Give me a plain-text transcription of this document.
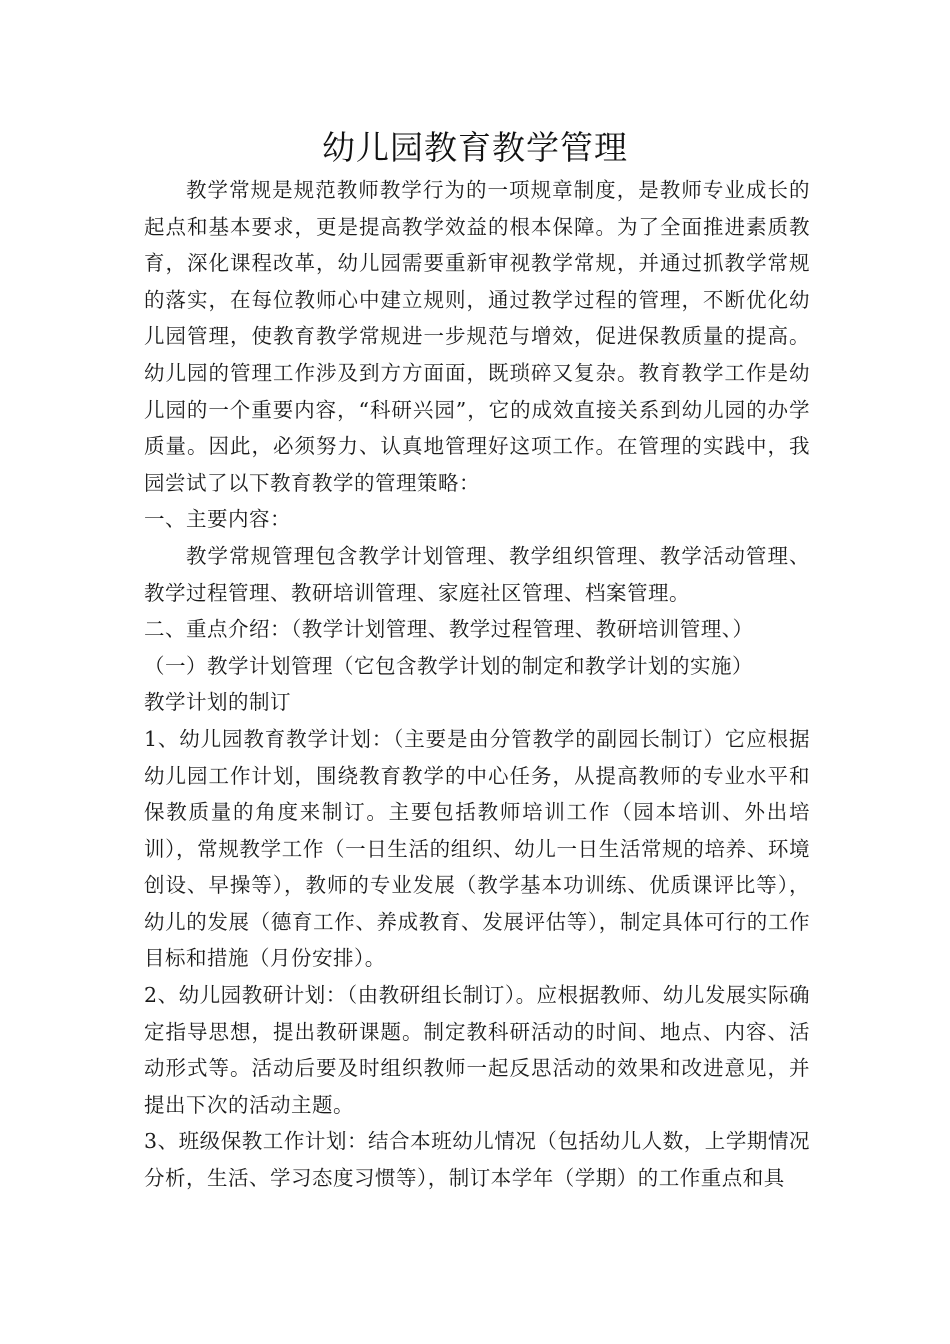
幼儿园教育教学管理

教学常规是规范教师教学行为的一项规章制度，是教师专业成长的起点和基本要求，更是提高教学效益的根本保障。为了全面推进素质教育，深化课程改革，幼儿园需要重新审视教学常规，并通过抓教学常规的落实，在每位教师心中建立规则，通过教学过程的管理，不断优化幼儿园管理，使教育教学常规进一步规范与增效，促进保教质量的提高。幼儿园的管理工作涉及到方方面面，既琐碎又复杂。教育教学工作是幼儿园的一个重要内容，“科研兴园”，它的成效直接关系到幼儿园的办学质量。因此，必须努力、认真地管理好这项工作。在管理的实践中，我园尝试了以下教育教学的管理策略：

一、主要内容：

教学常规管理包含教学计划管理、教学组织管理、教学活动管理、教学过程管理、教研培训管理、家庭社区管理、档案管理。

二、重点介绍：（教学计划管理、教学过程管理、教研培训管理、）

（一）教学计划管理（它包含教学计划的制定和教学计划的实施）

教学计划的制订

1、幼儿园教育教学计划：（主要是由分管教学的副园长制订）它应根据幼儿园工作计划，围绕教育教学的中心任务，从提高教师的专业水平和保教质量的角度来制订。主要包括教师培训工作（园本培训、外出培训），常规教学工作（一日生活的组织、幼儿一日生活常规的培养、环境创设、早操等），教师的专业发展（教学基本功训练、优质课评比等），幼儿的发展（德育工作、养成教育、发展评估等），制定具体可行的工作目标和措施（月份安排）。

2、幼儿园教研计划：（由教研组长制订）。应根据教师、幼儿发展实际确定指导思想，提出教研课题。制定教科研活动的时间、地点、内容、活动形式等。活动后要及时组织教师一起反思活动的效果和改进意见，并提出下次的活动主题。

3、班级保教工作计划：结合本班幼儿情况（包括幼儿人数，上学期情况分析，生活、学习态度习惯等），制订本学年（学期）的工作重点和具
